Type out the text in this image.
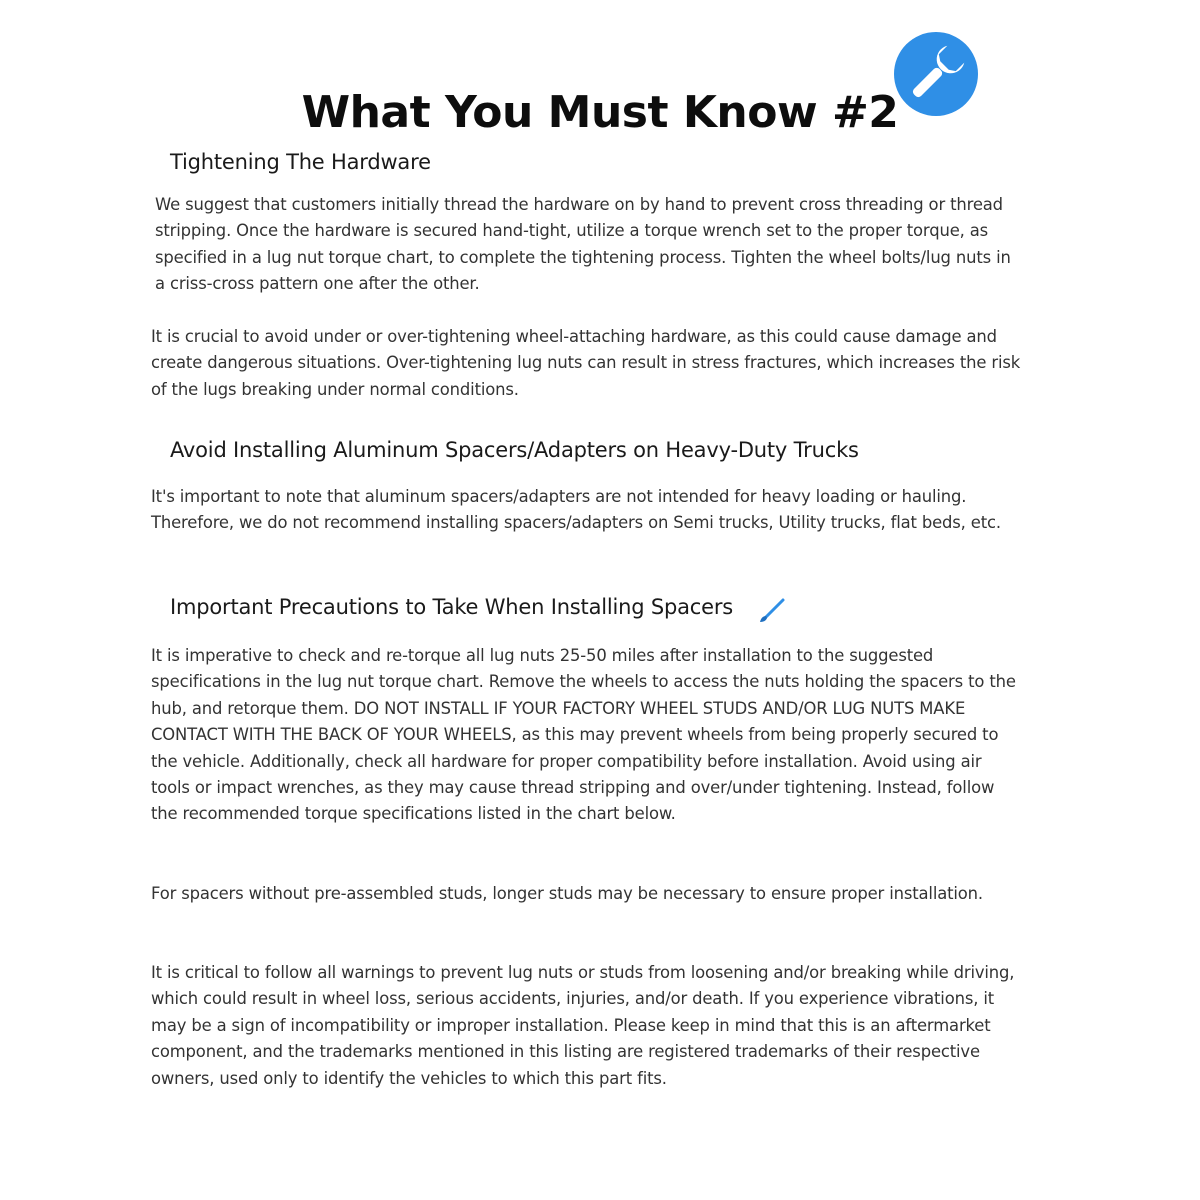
What You Must Know #2
Tightening The Hardware

We suggest that customers initially thread the hardware on by hand to prevent cross threading or thread stripping. Once the hardware is secured hand-tight, utilize a torque wrench set to the proper torque, as specified in a lug nut torque chart, to complete the tightening process. Tighten the wheel bolts/lug nuts in a criss-cross pattern one after the other.

It is crucial to avoid under or over-tightening wheel-attaching hardware, as this could cause damage and create dangerous situations. Over-tightening lug nuts can result in stress fractures, which increases the risk of the lugs breaking under normal conditions.

Avoid Installing Aluminum Spacers/Adapters on Heavy-Duty Trucks

It's important to note that aluminum spacers/adapters are not intended for heavy loading or hauling. Therefore, we do not recommend installing spacers/adapters on Semi trucks, Utility trucks, flat beds, etc.

Important Precautions to Take When Installing Spacers

It is imperative to check and re-torque all lug nuts 25-50 miles after installation to the suggested specifications in the lug nut torque chart. Remove the wheels to access the nuts holding the spacers to the hub, and retorque them. DO NOT INSTALL IF YOUR FACTORY WHEEL STUDS AND/OR LUG NUTS MAKE CONTACT WITH THE BACK OF YOUR WHEELS, as this may prevent wheels from being properly secured to the vehicle. Additionally, check all hardware for proper compatibility before installation. Avoid using air tools or impact wrenches, as they may cause thread stripping and over/under tightening. Instead, follow the recommended torque specifications listed in the chart below.

For spacers without pre-assembled studs, longer studs may be necessary to ensure proper installation.

It is critical to follow all warnings to prevent lug nuts or studs from loosening and/or breaking while driving, which could result in wheel loss, serious accidents, injuries, and/or death. If you experience vibrations, it may be a sign of incompatibility or improper installation. Please keep in mind that this is an aftermarket component, and the trademarks mentioned in this listing are registered trademarks of their respective owners, used only to identify the vehicles to which this part fits.
